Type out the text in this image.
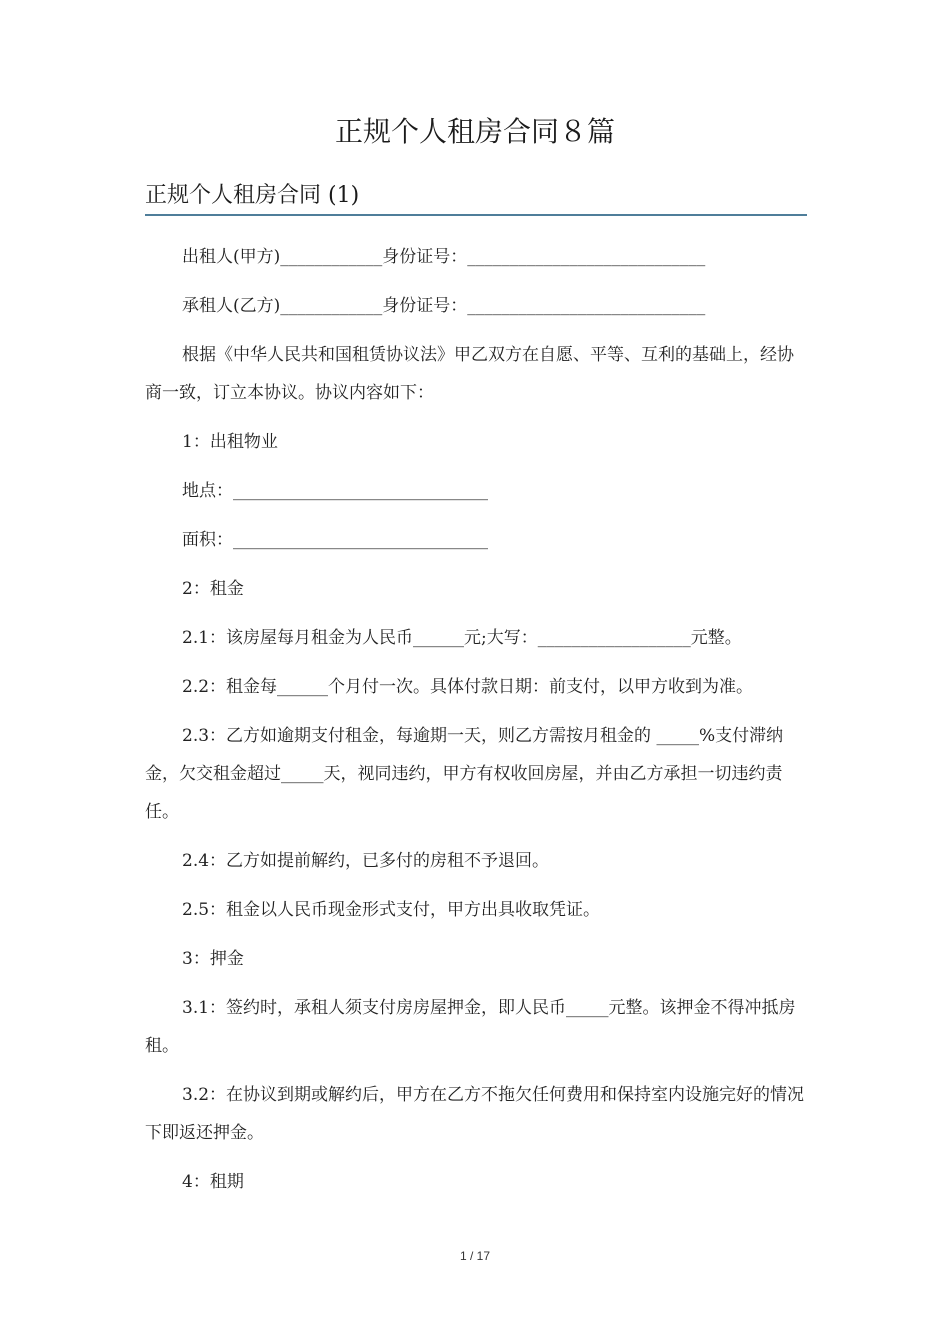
正规个人租房合同８篇
正规个人租房合同 (1)

出租人(甲方)____________身份证号：____________________________

承租人(乙方)____________身份证号：____________________________

根据《中华人民共和国租赁协议法》甲乙双方在自愿、平等、互利的基础上，经协商一致，订立本协议。协议内容如下：

1：出租物业

地点：______________________________

面积：______________________________

2：租金

2.1：该房屋每月租金为人民币______元;大写：__________________元整。

2.2：租金每______个月付一次。具体付款日期：前支付，以甲方收到为准。

2.3：乙方如逾期支付租金，每逾期一天，则乙方需按月租金的 _____%支付滞纳金，欠交租金超过_____天，视同违约，甲方有权收回房屋，并由乙方承担一切违约责任。

2.4：乙方如提前解约，已多付的房租不予退回。

2.5：租金以人民币现金形式支付，甲方出具收取凭证。

3：押金

3.1：签约时，承租人须支付房房屋押金，即人民币_____元整。该押金不得冲抵房租。

3.2：在协议到期或解约后，甲方在乙方不拖欠任何费用和保持室内设施完好的情况下即返还押金。

4：租期

1 / 17
